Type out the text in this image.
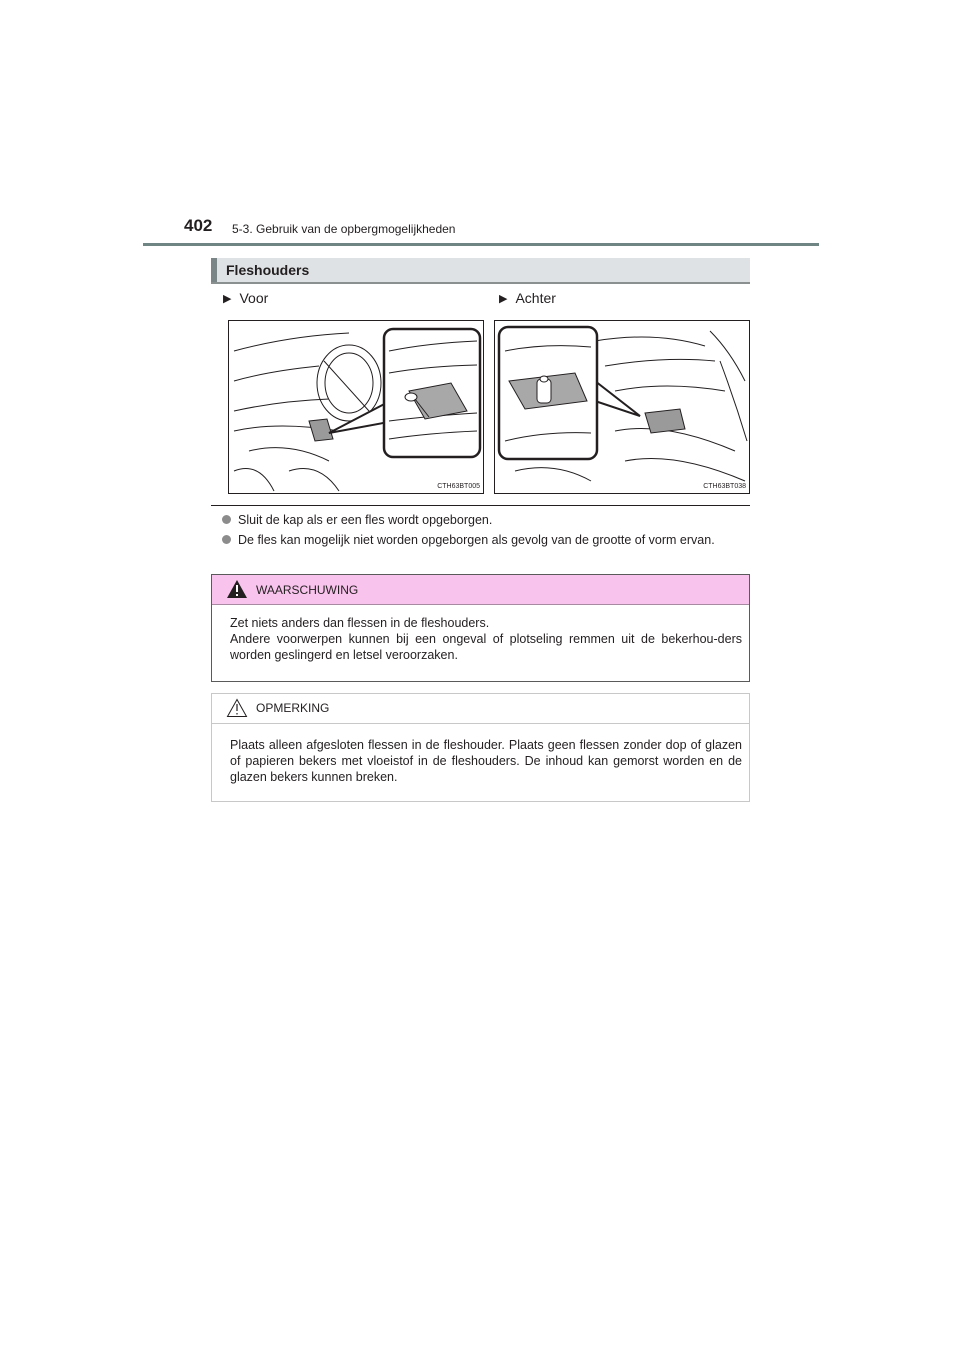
402 5-3. Gebruik van de opbergmogelijkheden
Fleshouders
▶ Voor	▶ Achter
CTH63BT005	CTH63BT038
Sluit de kap als er een fles wordt opgeborgen.
De fles kan mogelijk niet worden opgeborgen als gevolg van de grootte of vorm ervan.
WAARSCHUWING

Zet niets anders dan flessen in de fleshouders.

Andere voorwerpen kunnen bij een ongeval of plotseling remmen uit de bekerhou-ders worden geslingerd en letsel veroorzaken.

OPMERKING
Plaats alleen afgesloten flessen in de fleshouder. Plaats geen flessen zonder dop of glazen of papieren bekers met vloeistof in de fleshouders. De inhoud kan gemorst worden en de glazen bekers kunnen breken.
